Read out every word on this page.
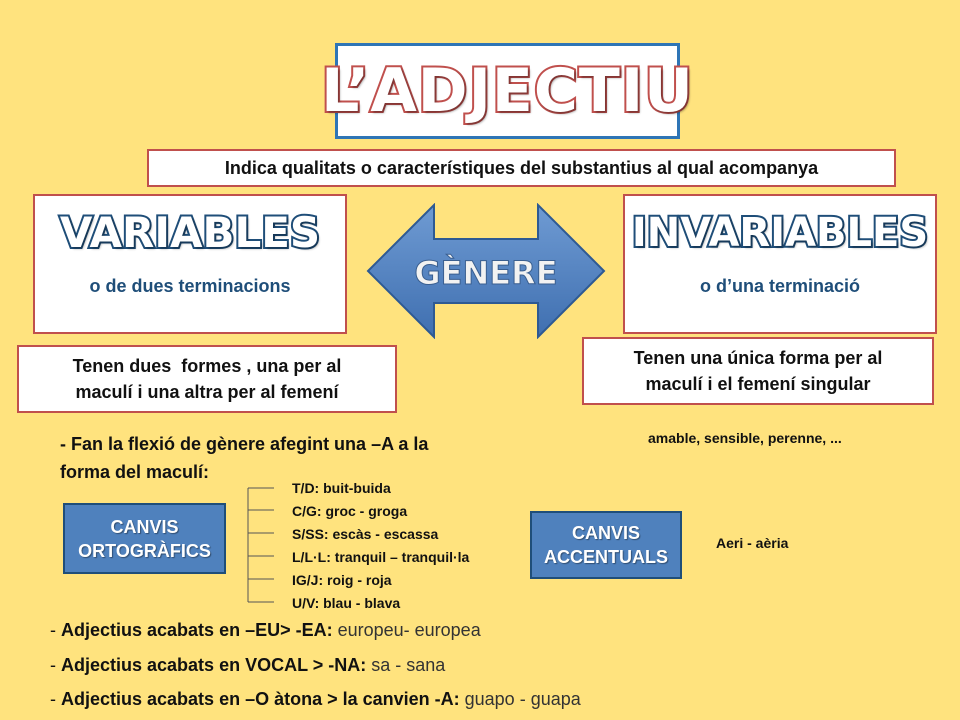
L’ADJECTIU
Indica qualitats o característiques del substantius al qual acompanya
VARIABLES
o de dues terminacions
INVARIABLES
o d’una terminació
GÈNERE
Tenen dues  formes , una per al
maculí i una altra per al femení
Tenen una única forma per al
maculí i el femení singular
- Fan la flexió de gènere afegint una –A a la
forma del maculí:
amable, sensible, perenne, ...
CANVIS
ORTOGRÀFICS
T/D: buit-buida
C/G: groc - groga
S/SS: escàs - escassa
L/L·L: tranquil – tranquil·la
IG/J: roig - roja
U/V: blau - blava
CANVIS
ACCENTUALS
Aeri - aèria
- Adjectius acabats en –EU> -EA: europeu- europea
- Adjectius acabats en VOCAL > -NA: sa - sana
- Adjectius acabats en –O àtona > la canvien -A: guapo - guapa
